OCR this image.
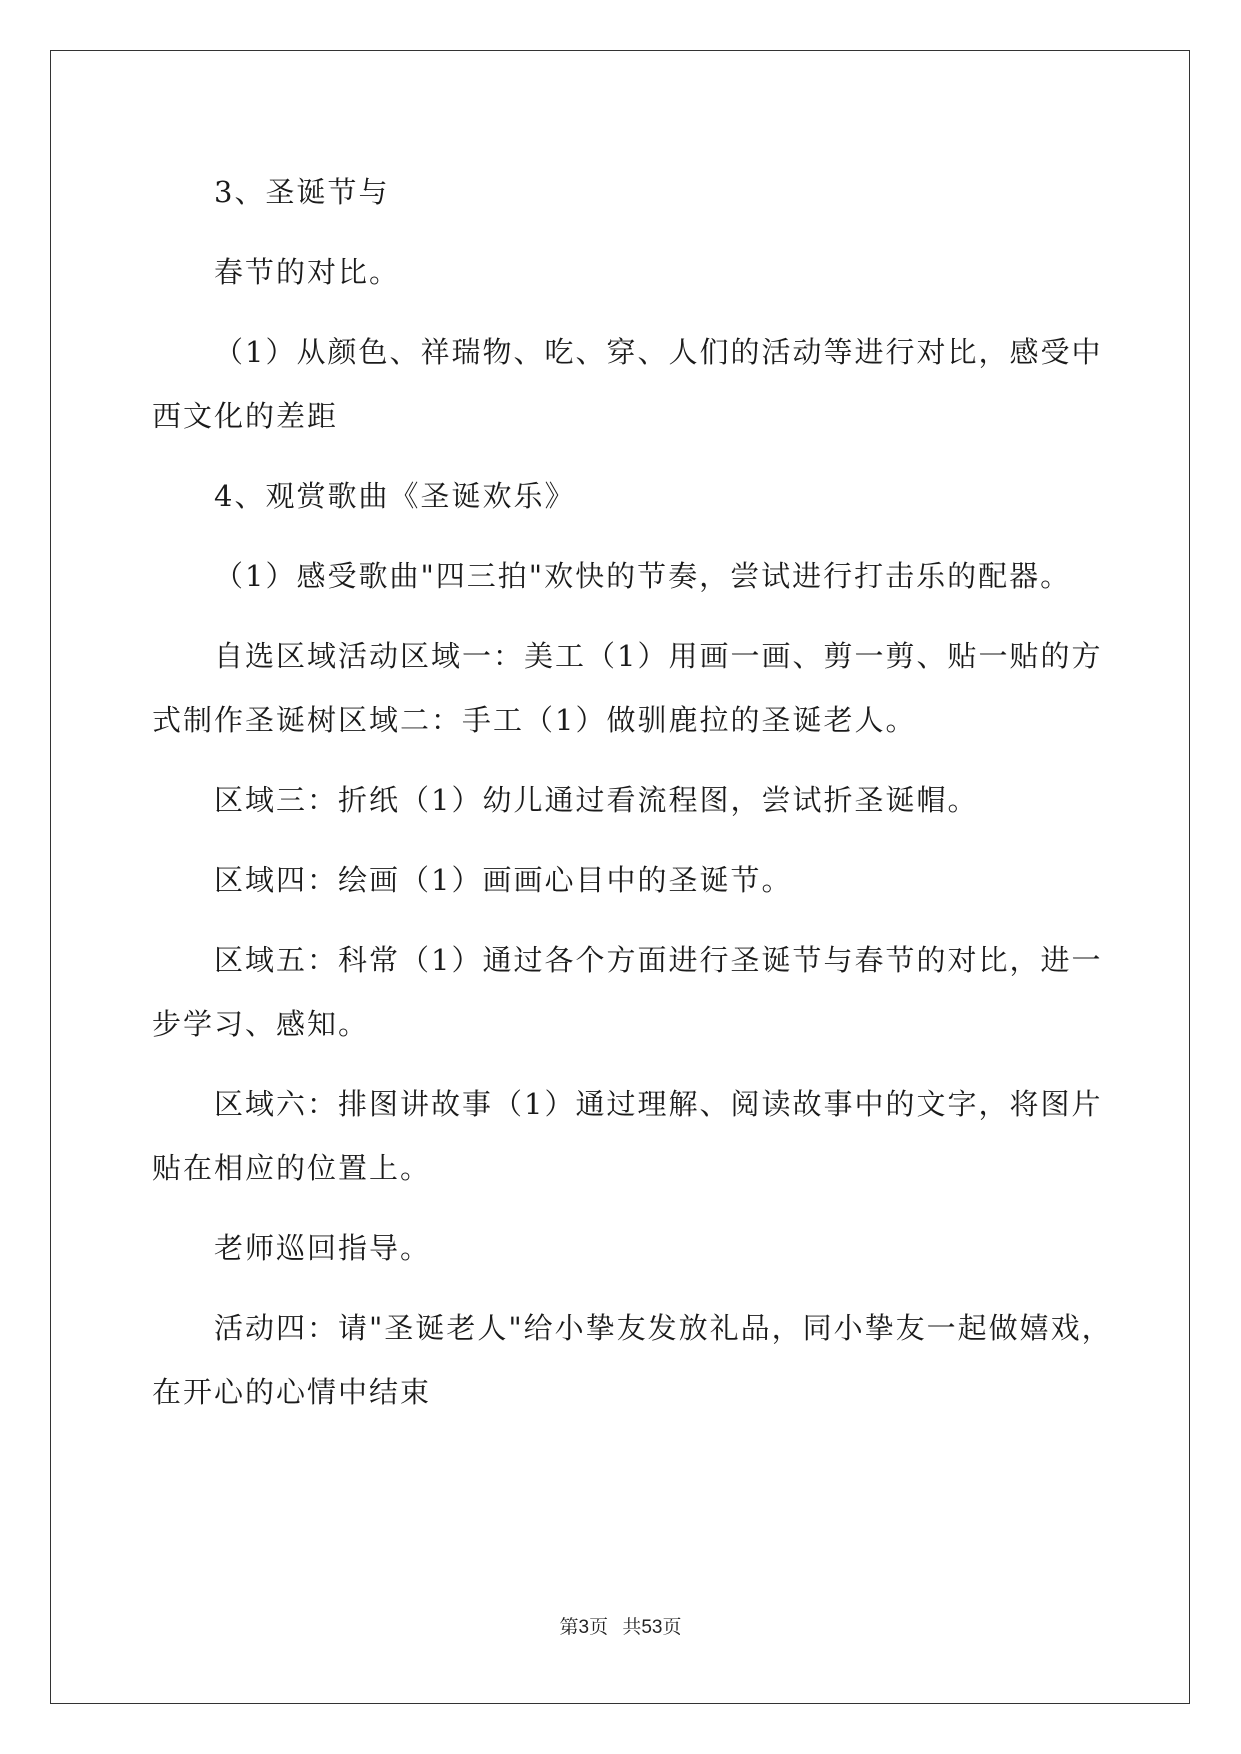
3、圣诞节与

春节的对比。

（1）从颜色、祥瑞物、吃、穿、人们的活动等进行对比，感受中

西文化的差距

4、观赏歌曲《圣诞欢乐》

（1）感受歌曲"四三拍"欢快的节奏，尝试进行打击乐的配器。

自选区域活动区域一：美工（1）用画一画、剪一剪、贴一贴的方

式制作圣诞树区域二：手工（1）做驯鹿拉的圣诞老人。

区域三：折纸（1）幼儿通过看流程图，尝试折圣诞帽。

区域四：绘画（1）画画心目中的圣诞节。

区域五：科常（1）通过各个方面进行圣诞节与春节的对比，进一

步学习、感知。

区域六：排图讲故事（1）通过理解、阅读故事中的文字，将图片

贴在相应的位置上。

老师巡回指导。

活动四：请"圣诞老人"给小挚友发放礼品，同小挚友一起做嬉戏，

在开心的心情中结束

第3页   共53页
